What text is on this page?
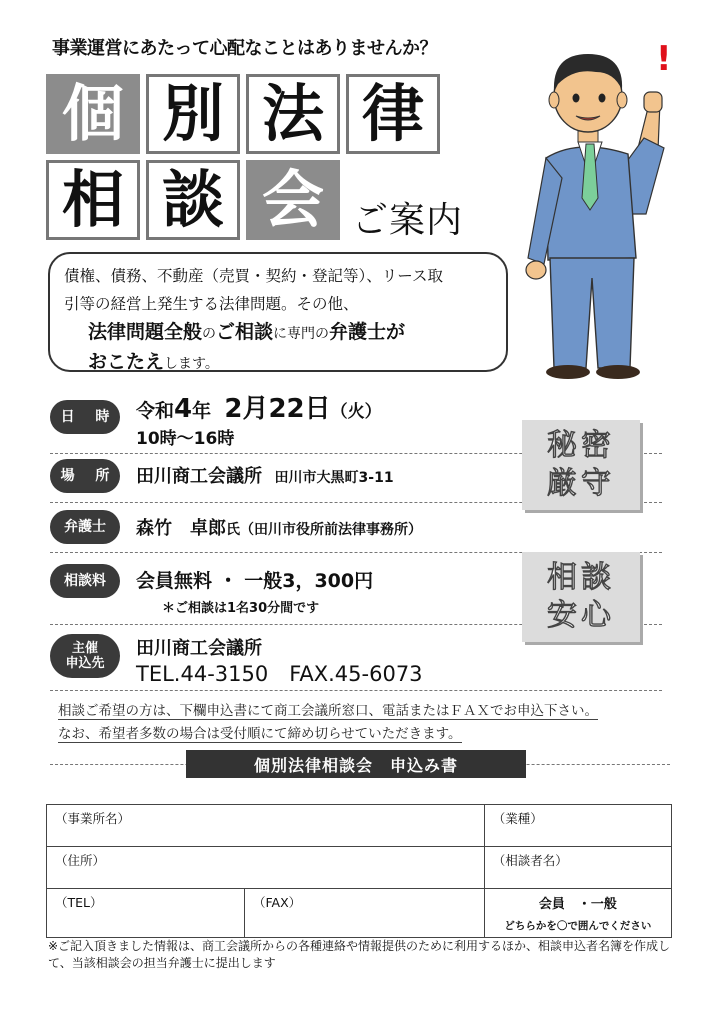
事業運営にあたって心配なことはありませんか？
個 別 法 律
相 談 会 ご案内
!
債権、債務、不動産（売買・契約・登記等）、リース取
引等の経営上発生する法律問題。その他、
法律問題全般のご相談に専門の弁護士が
おこたえします。
日 時 令和4年 2月22日（火）
10時～16時
場 所 田川商工会議所 田川市大黒町3-11
弁護士	森竹　卓郎氏（田川市役所前法律事務所）
相談料	会員無料 ・ 一般3，300円
＊ご相談は1名30分間です
主催
申込先
田川商工会議所
TEL.44-3150　FAX.45-6073
秘密
厳守
相談
安心
相談ご希望の方は、下欄申込書にて商工会議所窓口、電話またはＦＡＸでお申込下さい。
なお、希望者多数の場合は受付順にて締め切らせていただきます。
個別法律相談会　申込み書
（事業所名）		（業種）
（住所）		（相談者名）
（TEL）	（FAX）	会員　・一般
どちらかを〇で囲んでください
※ご記入頂きました情報は、商工会議所からの各種連絡や情報提供のために利用するほか、相談申込者名簿を作成して、当該相談会の担当弁護士に提出します
